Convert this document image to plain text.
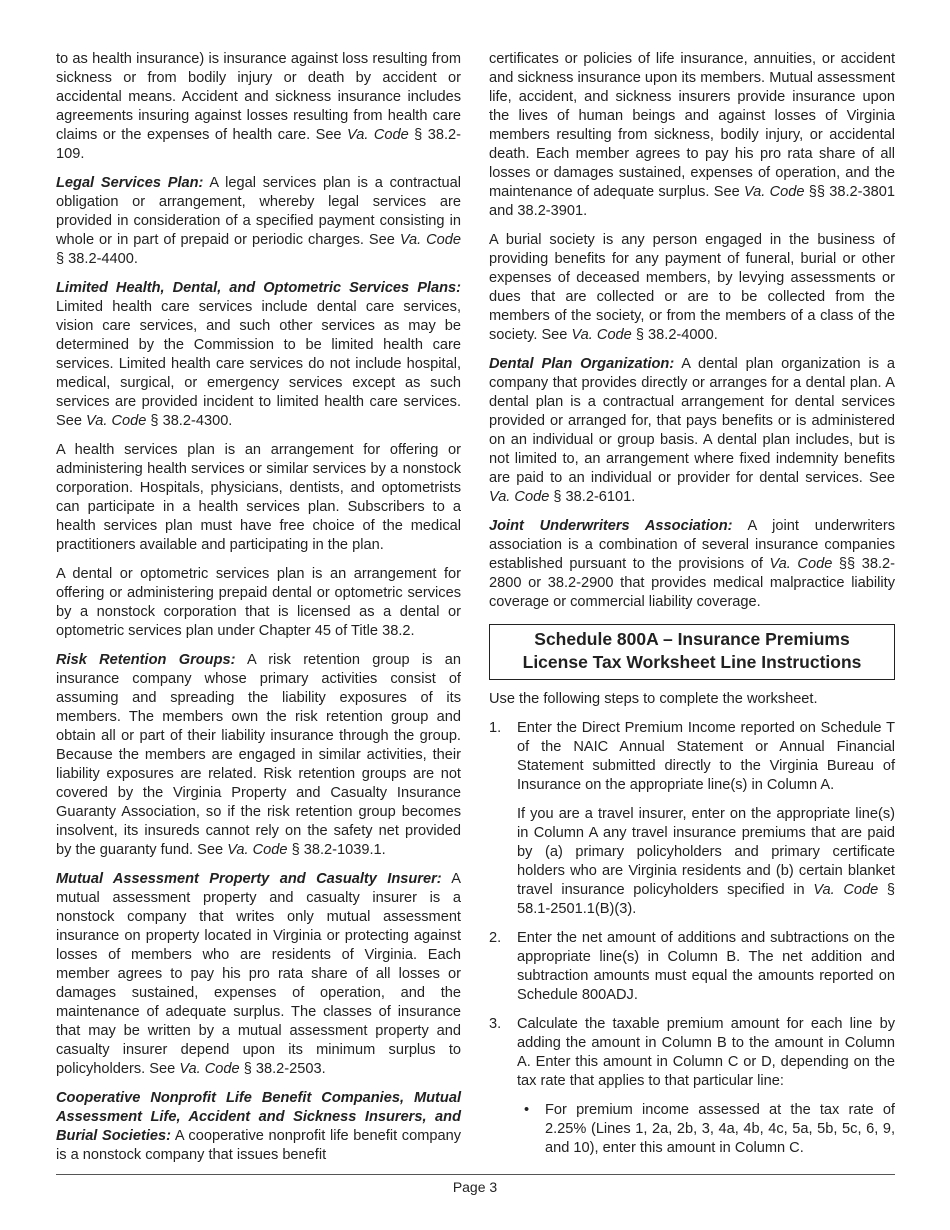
to as health insurance) is insurance against loss resulting from sickness or from bodily injury or death by accident or accidental means. Accident and sickness insurance includes agreements insuring against losses resulting from health care claims or the expenses of health care. See Va. Code § 38.2-109.

Legal Services Plan: A legal services plan is a contractual obligation or arrangement, whereby legal services are provided in consideration of a specified payment consisting in whole or in part of prepaid or periodic charges. See Va. Code § 38.2-4400.

Limited Health, Dental, and Optometric Services Plans: Limited health care services include dental care services, vision care services, and such other services as may be determined by the Commission to be limited health care services. Limited health care services do not include hospital, medical, surgical, or emergency services except as such services are provided incident to limited health care services. See Va. Code § 38.2-4300.

A health services plan is an arrangement for offering or administering health services or similar services by a nonstock corporation. Hospitals, physicians, dentists, and optometrists can participate in a health services plan. Subscribers to a health services plan must have free choice of the medical practitioners available and participating in the plan.

A dental or optometric services plan is an arrangement for offering or administering prepaid dental or optometric services by a nonstock corporation that is licensed as a dental or optometric services plan under Chapter 45 of Title 38.2.

Risk Retention Groups: A risk retention group is an insurance company whose primary activities consist of assuming and spreading the liability exposures of its members. The members own the risk retention group and obtain all or part of their liability insurance through the group. Because the members are engaged in similar activities, their liability exposures are related. Risk retention groups are not covered by the Virginia Property and Casualty Insurance Guaranty Association, so if the risk retention group becomes insolvent, its insureds cannot rely on the safety net provided by the guaranty fund. See Va. Code § 38.2-1039.1.

Mutual Assessment Property and Casualty Insurer: A mutual assessment property and casualty insurer is a nonstock company that writes only mutual assessment insurance on property located in Virginia or protecting against losses of members who are residents of Virginia. Each member agrees to pay his pro rata share of all losses or damages sustained, expenses of operation, and the maintenance of adequate surplus. The classes of insurance that may be written by a mutual assessment property and casualty insurer depend upon its minimum surplus to policyholders. See Va. Code § 38.2-2503.

Cooperative Nonprofit Life Benefit Companies, Mutual Assessment Life, Accident and Sickness Insurers, and Burial Societies: A cooperative nonprofit life benefit company is a nonstock company that issues benefit

certificates or policies of life insurance, annuities, or accident and sickness insurance upon its members. Mutual assessment life, accident, and sickness insurers provide insurance upon the lives of human beings and against losses of Virginia members resulting from sickness, bodily injury, or accidental death. Each member agrees to pay his pro rata share of all losses or damages sustained, expenses of operation, and the maintenance of adequate surplus. See Va. Code §§ 38.2-3801 and 38.2-3901.

A burial society is any person engaged in the business of providing benefits for any payment of funeral, burial or other expenses of deceased members, by levying assessments or dues that are collected or are to be collected from the members of the society, or from the members of a class of the society. See Va. Code § 38.2-4000.

Dental Plan Organization: A dental plan organization is a company that provides directly or arranges for a dental plan. A dental plan is a contractual arrangement for dental services provided or arranged for, that pays benefits or is administered on an individual or group basis. A dental plan includes, but is not limited to, an arrangement where fixed indemnity benefits are paid to an individual or provider for dental services. See Va. Code § 38.2-6101.

Joint Underwriters Association: A joint underwriters association is a combination of several insurance companies established pursuant to the provisions of Va. Code §§ 38.2-2800 or 38.2-2900 that provides medical malpractice liability coverage or commercial liability coverage.

Schedule 800A – Insurance Premiums
License Tax Worksheet Line Instructions

Use the following steps to complete the worksheet.

1. Enter the Direct Premium Income reported on Schedule T of the NAIC Annual Statement or Annual Financial Statement submitted directly to the Virginia Bureau of Insurance on the appropriate line(s) in Column A.

If you are a travel insurer, enter on the appropriate line(s) in Column A any travel insurance premiums that are paid by (a) primary policyholders and primary certificate holders who are Virginia residents and (b) certain blanket travel insurance policyholders specified in Va. Code § 58.1-2501.1(B)(3).

2. Enter the net amount of additions and subtractions on the appropriate line(s) in Column B. The net addition and subtraction amounts must equal the amounts reported on Schedule 800ADJ.

3. Calculate the taxable premium amount for each line by adding the amount in Column B to the amount in Column A. Enter this amount in Column C or D, depending on the tax rate that applies to that particular line:

• For premium income assessed at the tax rate of 2.25% (Lines 1, 2a, 2b, 3, 4a, 4b, 4c, 5a, 5b, 5c, 6, 9, and 10), enter this amount in Column C.
Page 3
